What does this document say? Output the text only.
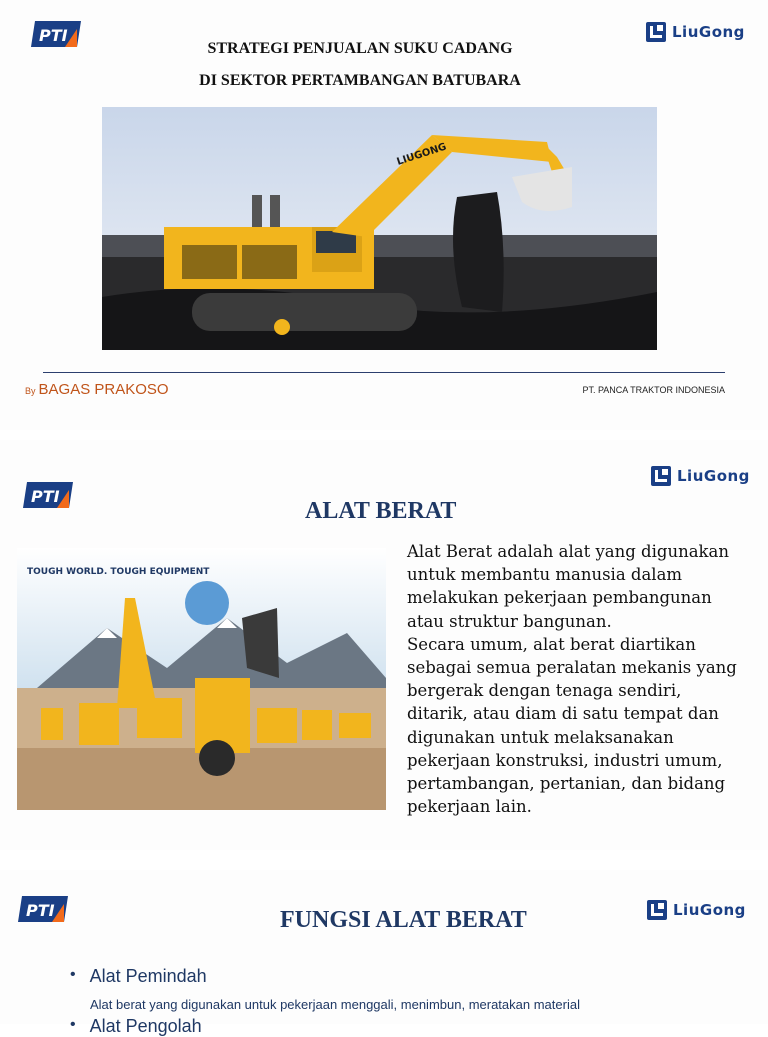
PTI	LiuGong
STRATEGI PENJUALAN SUKU CADANG
DI SEKTOR PERTAMBANGAN BATUBARA
LIUGONG
By BAGAS PRAKOSO	PT. PANCA TRAKTOR INDONESIA
PTI
LiuGong
ALAT BERAT
TOUGH WORLD. TOUGH EQUIPMENT

Alat Berat adalah alat yang digunakan untuk membantu manusia dalam melakukan pekerjaan pembangunan atau struktur bangunan.

Secara umum, alat berat diartikan sebagai semua peralatan mekanis yang bergerak dengan tenaga sendiri, ditarik, atau diam di satu tempat dan digunakan untuk melaksanakan pekerjaan konstruksi, industri umum, pertambangan, pertanian, dan bidang pekerjaan lain.

PTI	LiuGong
FUNGSI ALAT BERAT
• Alat Pemindah
Alat berat yang digunakan untuk pekerjaan menggali, menimbun, meratakan material
• Alat Pengolah
